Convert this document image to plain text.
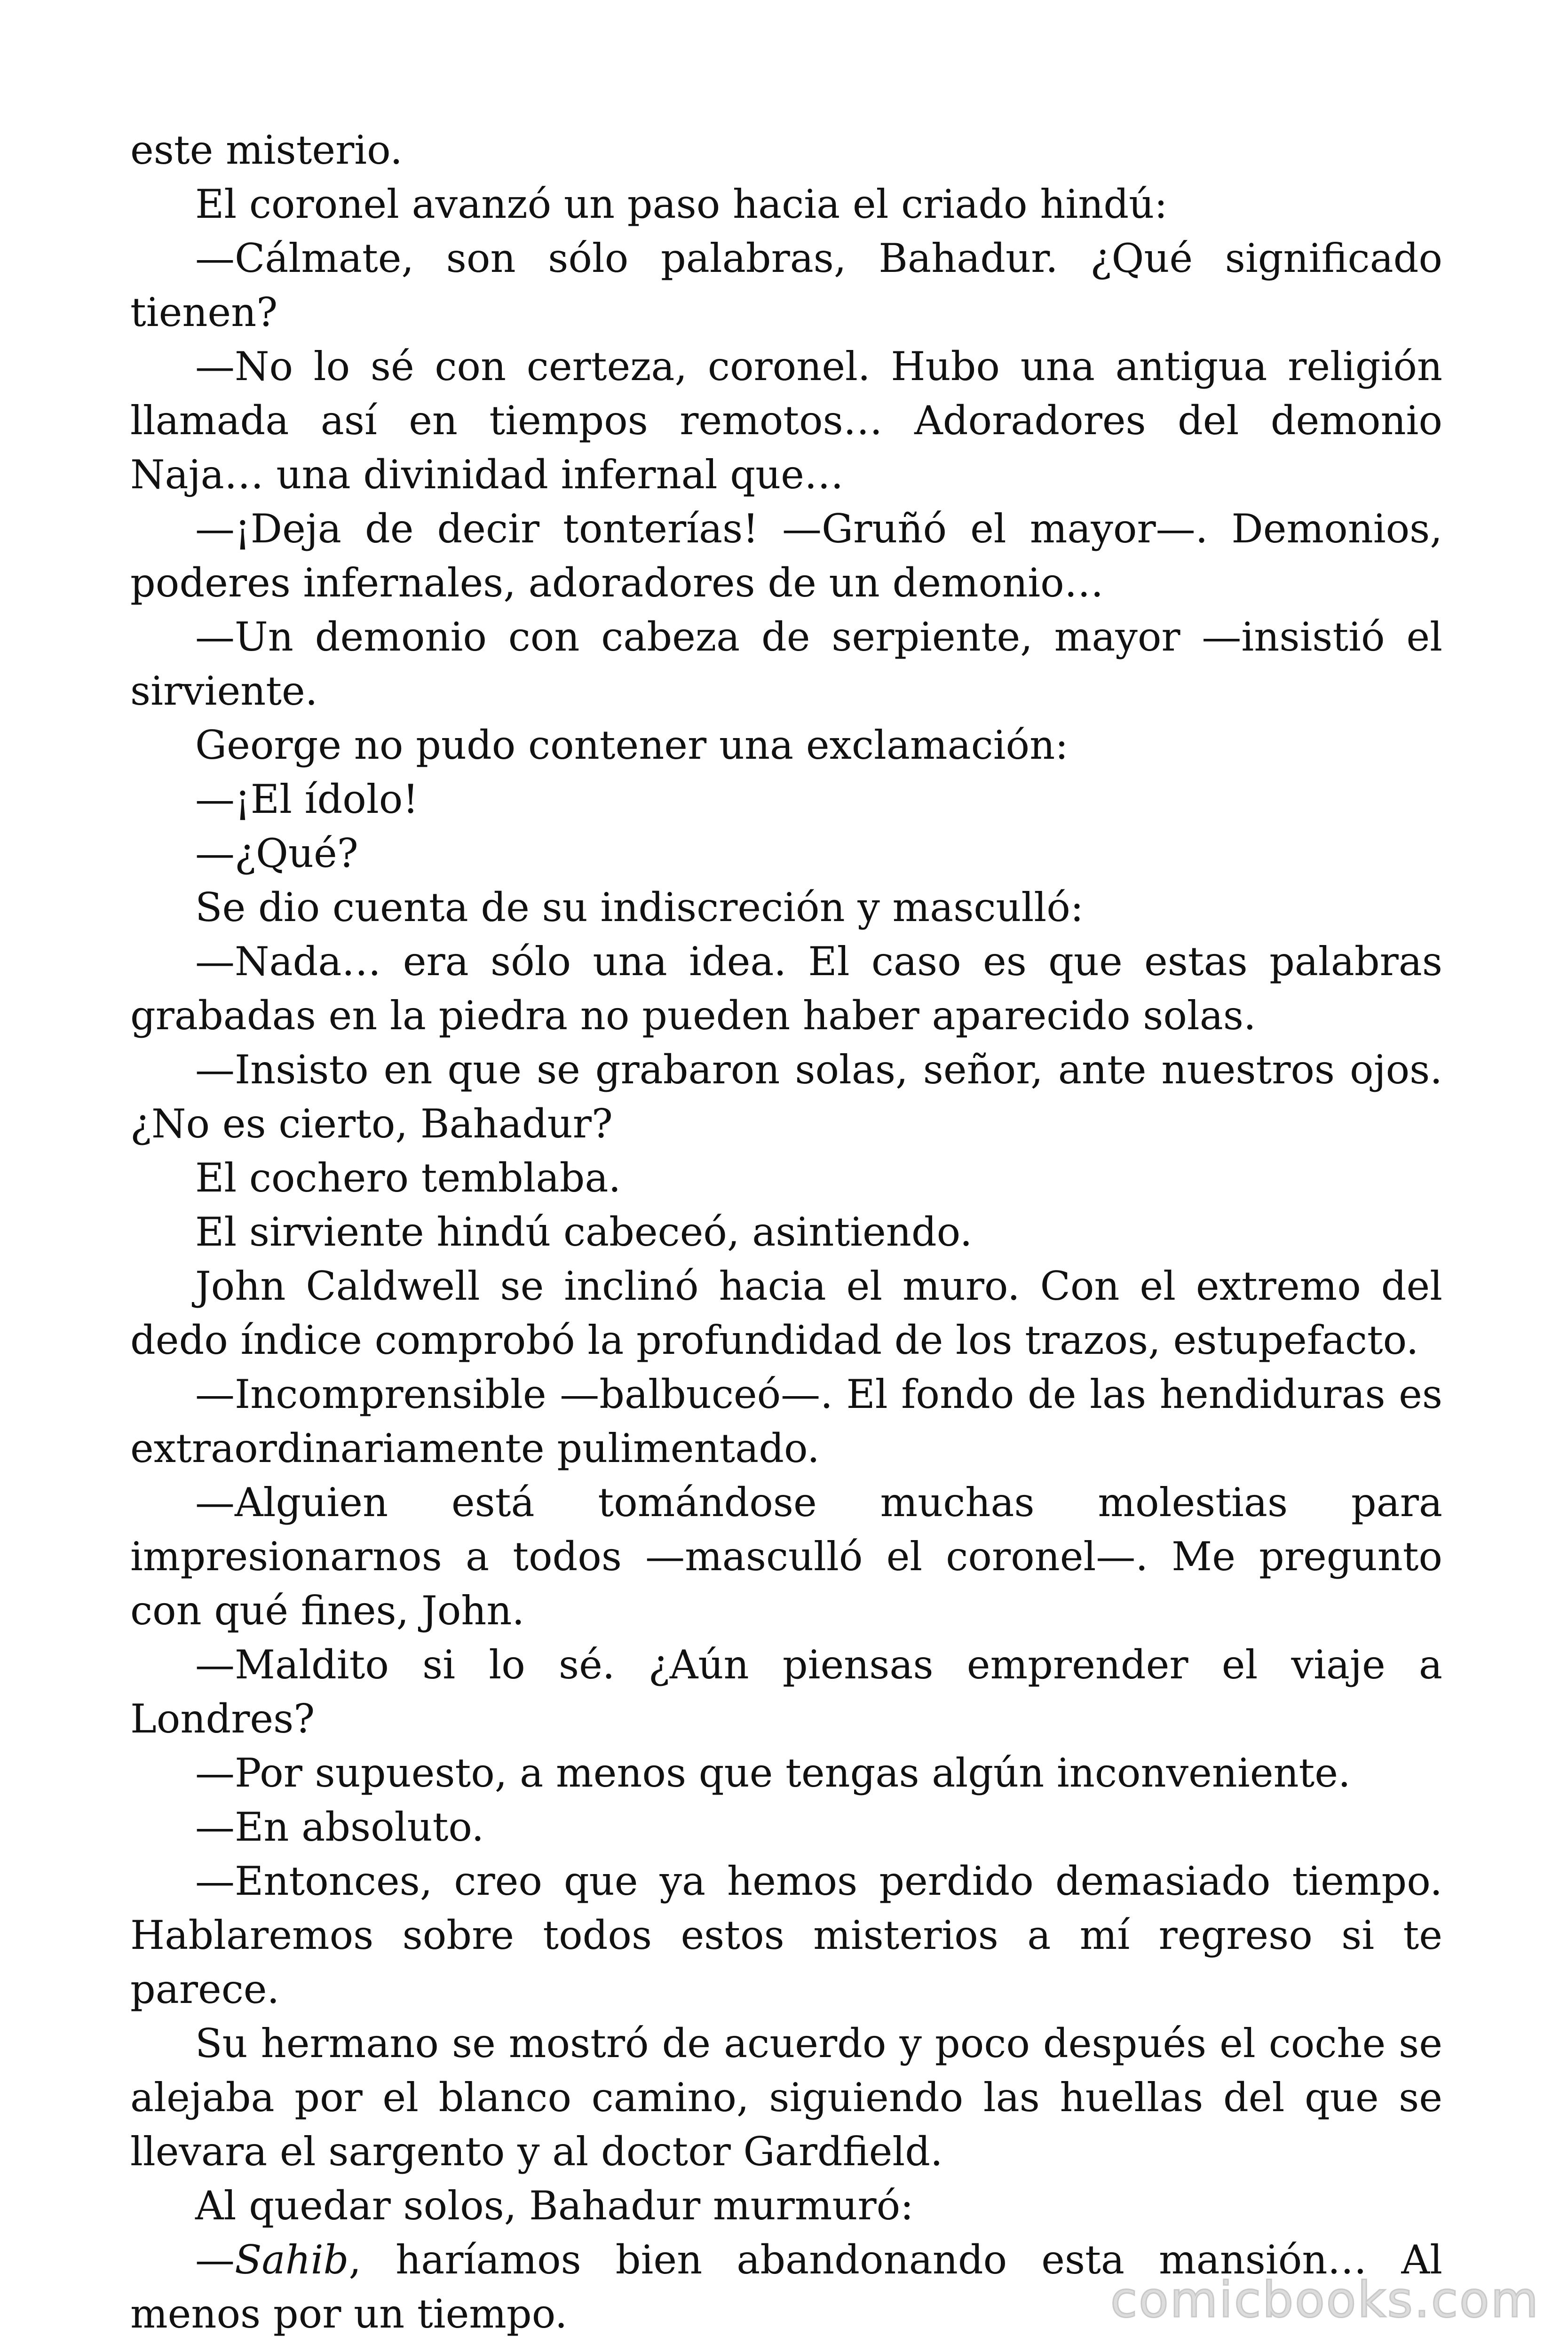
este misterio.

El coronel avanzó un paso hacia el criado hindú:

—Cálmate, son sólo palabras, Bahadur. ¿Qué significado tienen?

—No lo sé con certeza, coronel. Hubo una antigua religión llamada así en tiempos remotos… Adoradores del demonio Naja… una divinidad infernal que…

—¡Deja de decir tonterías! —Gruñó el mayor—. Demonios, poderes infernales, adoradores de un demonio…

—Un demonio con cabeza de serpiente, mayor —insistió el sirviente.

George no pudo contener una exclamación:

—¡El ídolo!

—¿Qué?

Se dio cuenta de su indiscreción y masculló:

—Nada… era sólo una idea. El caso es que estas palabras grabadas en la piedra no pueden haber aparecido solas.

—Insisto en que se grabaron solas, señor, ante nuestros ojos. ¿No es cierto, Bahadur?

El cochero temblaba.

El sirviente hindú cabeceó, asintiendo.

John Caldwell se inclinó hacia el muro. Con el extremo del dedo índice comprobó la profundidad de los trazos, estupefacto.

—Incomprensible —balbuceó—. El fondo de las hendiduras es extraordinariamente pulimentado.

—Alguien está tomándose muchas molestias para impresionarnos a todos —masculló el coronel—. Me pregunto con qué fines, John.

—Maldito si lo sé. ¿Aún piensas emprender el viaje a Londres?

—Por supuesto, a menos que tengas algún inconveniente.

—En absoluto.

—Entonces, creo que ya hemos perdido demasiado tiempo. Hablaremos sobre todos estos misterios a mí regreso si te parece.

Su hermano se mostró de acuerdo y poco después el coche se alejaba por el blanco camino, siguiendo las huellas del que se llevara el sargento y al doctor Gardfield.

Al quedar solos, Bahadur murmuró:

—Sahib, haríamos bien abandonando esta mansión… Al menos por un tiempo.	comicbooks.com
